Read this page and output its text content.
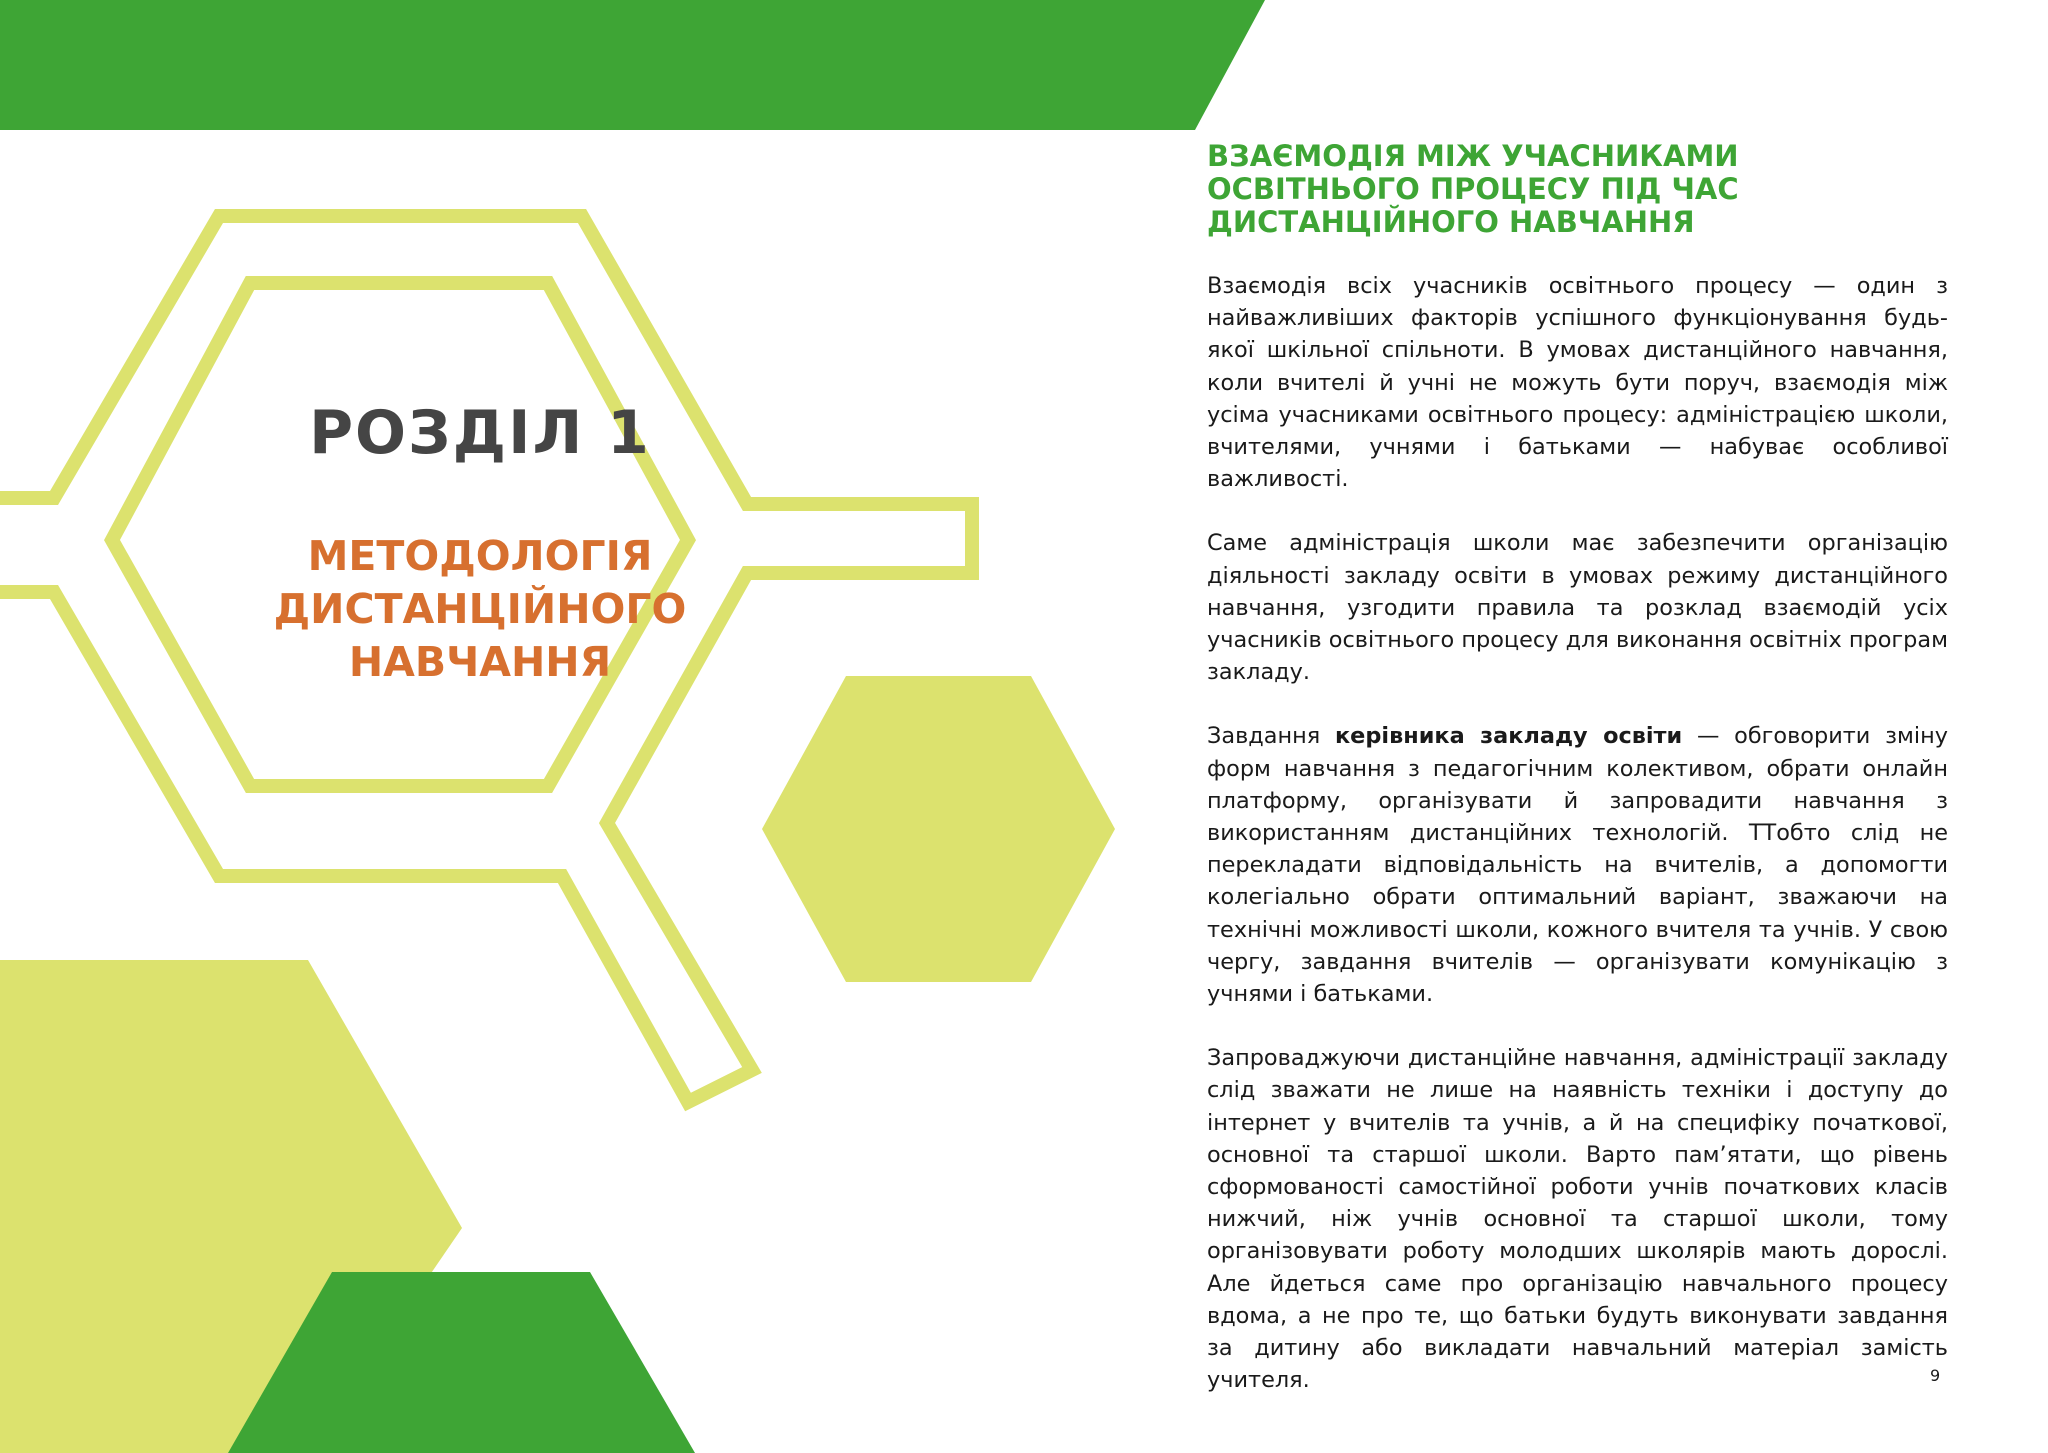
РОЗДІЛ 1
МЕТОДОЛОГІЯ
ДИСТАНЦІЙНОГО
НАВЧАННЯ
ВЗАЄМОДІЯ МІЖ УЧАСНИКАМИ
ОСВІТНЬОГО ПРОЦЕСУ ПІД ЧАС
ДИСТАНЦІЙНОГО НАВЧАННЯ

Взаємодія всіх учасників освітнього процесу — один з найважливіших факторів успішного функціонування будь-якої шкільної спільноти. В умовах дистанційного навчання, коли вчителі й учні не можуть бути поруч, взаємодія між усіма учасниками освітнього процесу: адміністрацією школи, вчителями, учнями і батьками — набуває особливої важливості.

Саме адміністрація школи має забезпечити організацію діяльності закладу освіти в умовах режиму дистанційного навчання, узгодити правила та розклад взаємодій усіх учасників освітнього процесу для виконання освітніх програм закладу.

Завдання керівника закладу освіти — обговорити зміну форм навчання з педагогічним колективом, обрати онлайн платформу, організувати й запровадити навчання з використанням дистанційних технологій. ТТобто слід не перекладати відповідальність на вчителів, а допомогти колегіально обрати оптимальний варіант, зважаючи на технічні можливості школи, кожного вчителя та учнів. У свою чергу, завдання вчителів — організувати комунікацію з учнями і батьками.

Запроваджуючи дистанційне навчання, адміністрації закладу слід зважати не лише на наявність техніки і доступу до інтернет у вчителів та учнів, а й на специфіку початкової, основної та старшої школи. Варто пам’ятати, що рівень сформованості самостійної роботи учнів початкових класів нижчий, ніж учнів основної та старшої школи, тому організовувати роботу молодших школярів мають дорослі. Але йдеться саме про організацію навчального процесу вдома, а не про те, що батьки будуть виконувати завдання за дитину або викладати навчальний матеріал замість учителя.	9
